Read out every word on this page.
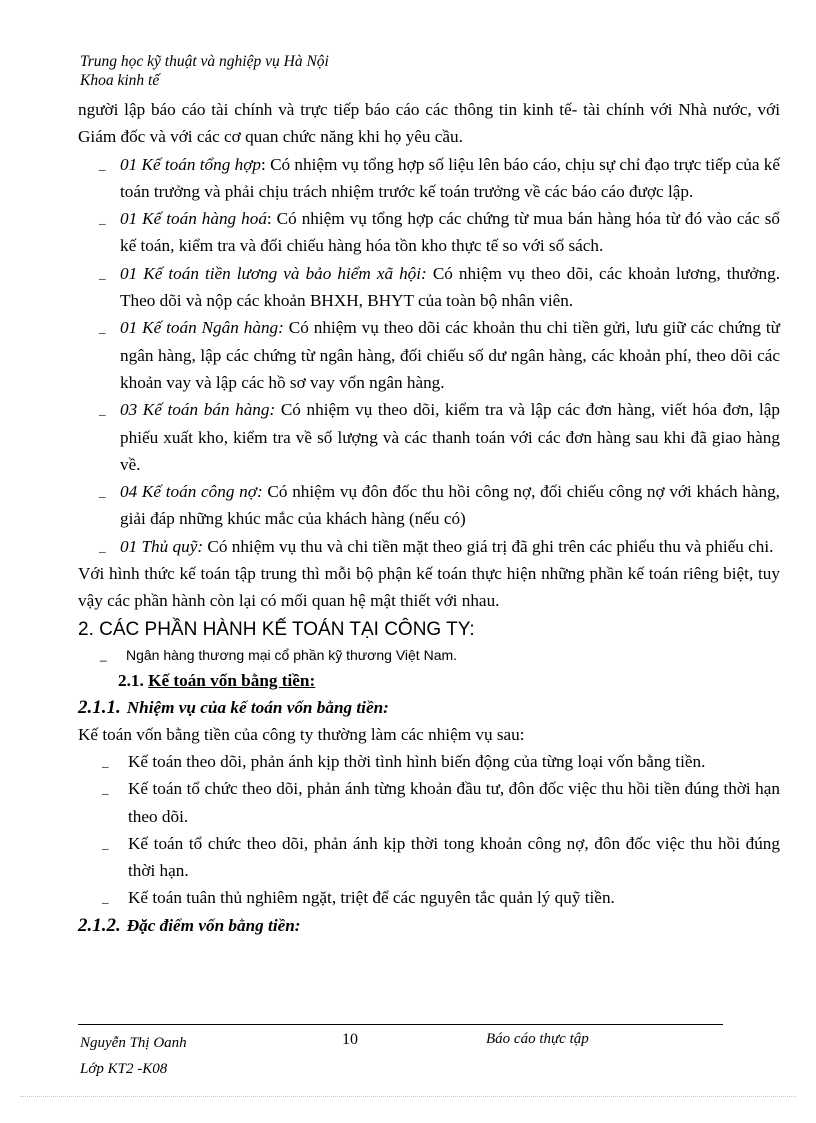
Trung học kỹ thuật và nghiệp vụ Hà Nội
Khoa kinh tế

người lập báo cáo tài chính và trực tiếp báo cáo các thông tin kinh tế- tài chính với Nhà nước, với Giám đốc và với các cơ quan chức năng khi họ yêu cầu.

_ 01 Kế toán tổng hợp: Có nhiệm vụ tổng hợp số liệu lên báo cáo, chịu sự chỉ đạo trực tiếp của kế toán trưởng và phải chịu trách nhiệm trước kế toán trưởng về các báo cáo được lập.
_ 01 Kế toán hàng hoá: Có nhiệm vụ tổng hợp các chứng từ mua bán hàng hóa từ đó vào các sổ kế toán, kiểm tra và đối chiếu hàng hóa tồn kho thực tế so với sổ sách.
_ 01 Kế toán tiền lương và bảo hiểm xã hội: Có nhiệm vụ theo dõi, các khoản lương, thưởng. Theo dõi và nộp các khoản BHXH, BHYT của toàn bộ nhân viên.
_ 01 Kế toán Ngân hàng: Có nhiệm vụ theo dõi các khoản thu chi tiền gửi, lưu giữ các chứng từ ngân hàng, lập các chứng từ ngân hàng, đối chiếu số dư ngân hàng, các khoản phí, theo dõi các khoản vay và lập các hồ sơ vay vốn ngân hàng.
_ 03 Kế toán bán hàng: Có nhiệm vụ theo dõi, kiểm tra và lập các đơn hàng, viết hóa đơn, lập phiếu xuất kho, kiểm tra về số lượng và các thanh toán với các đơn hàng sau khi đã giao hàng về.
_ 04 Kế toán công nợ: Có nhiệm vụ đôn đốc thu hồi công nợ, đối chiếu công nợ với khách hàng, giải đáp những khúc mắc của khách hàng (nếu có)
_ 01 Thủ quỹ: Có nhiệm vụ thu và chi tiền mặt theo giá trị đã ghi trên các phiếu thu và phiếu chi.

Với hình thức kế toán tập trung thì mỗi bộ phận kế toán thực hiện những phần kế toán riêng biệt, tuy vậy các phần hành còn lại có mối quan hệ mật thiết với nhau.

2. CÁC PHẦN HÀNH KẾ TOÁN TẠI CÔNG TY:
_ Ngân hàng thương mại cổ phần kỹ thương Việt Nam.
2.1. Kế toán vốn bằng tiền:
2.1.1. Nhiệm vụ của kế toán vốn bằng tiền:

Kế toán vốn bằng tiền của công ty thường làm các nhiệm vụ sau:

_ Kế toán theo dõi, phản ánh kịp thời tình hình biến động của từng loại vốn bằng tiền.
_ Kế toán tổ chức theo dõi, phản ánh từng khoản đầu tư, đôn đốc việc thu hồi tiền đúng thời hạn theo dõi.
_ Kế toán tổ chức theo dõi, phản ánh kịp thời tong khoản công nợ, đôn đốc việc thu hồi đúng thời hạn.
_ Kế toán tuân thủ nghiêm ngặt, triệt để các nguyên tắc quản lý quỹ tiền.
2.1.2. Đặc điểm vốn bằng tiền:
Nguyễn Thị Oanh
Lớp KT2 -K08
10	Báo cáo thực tập
